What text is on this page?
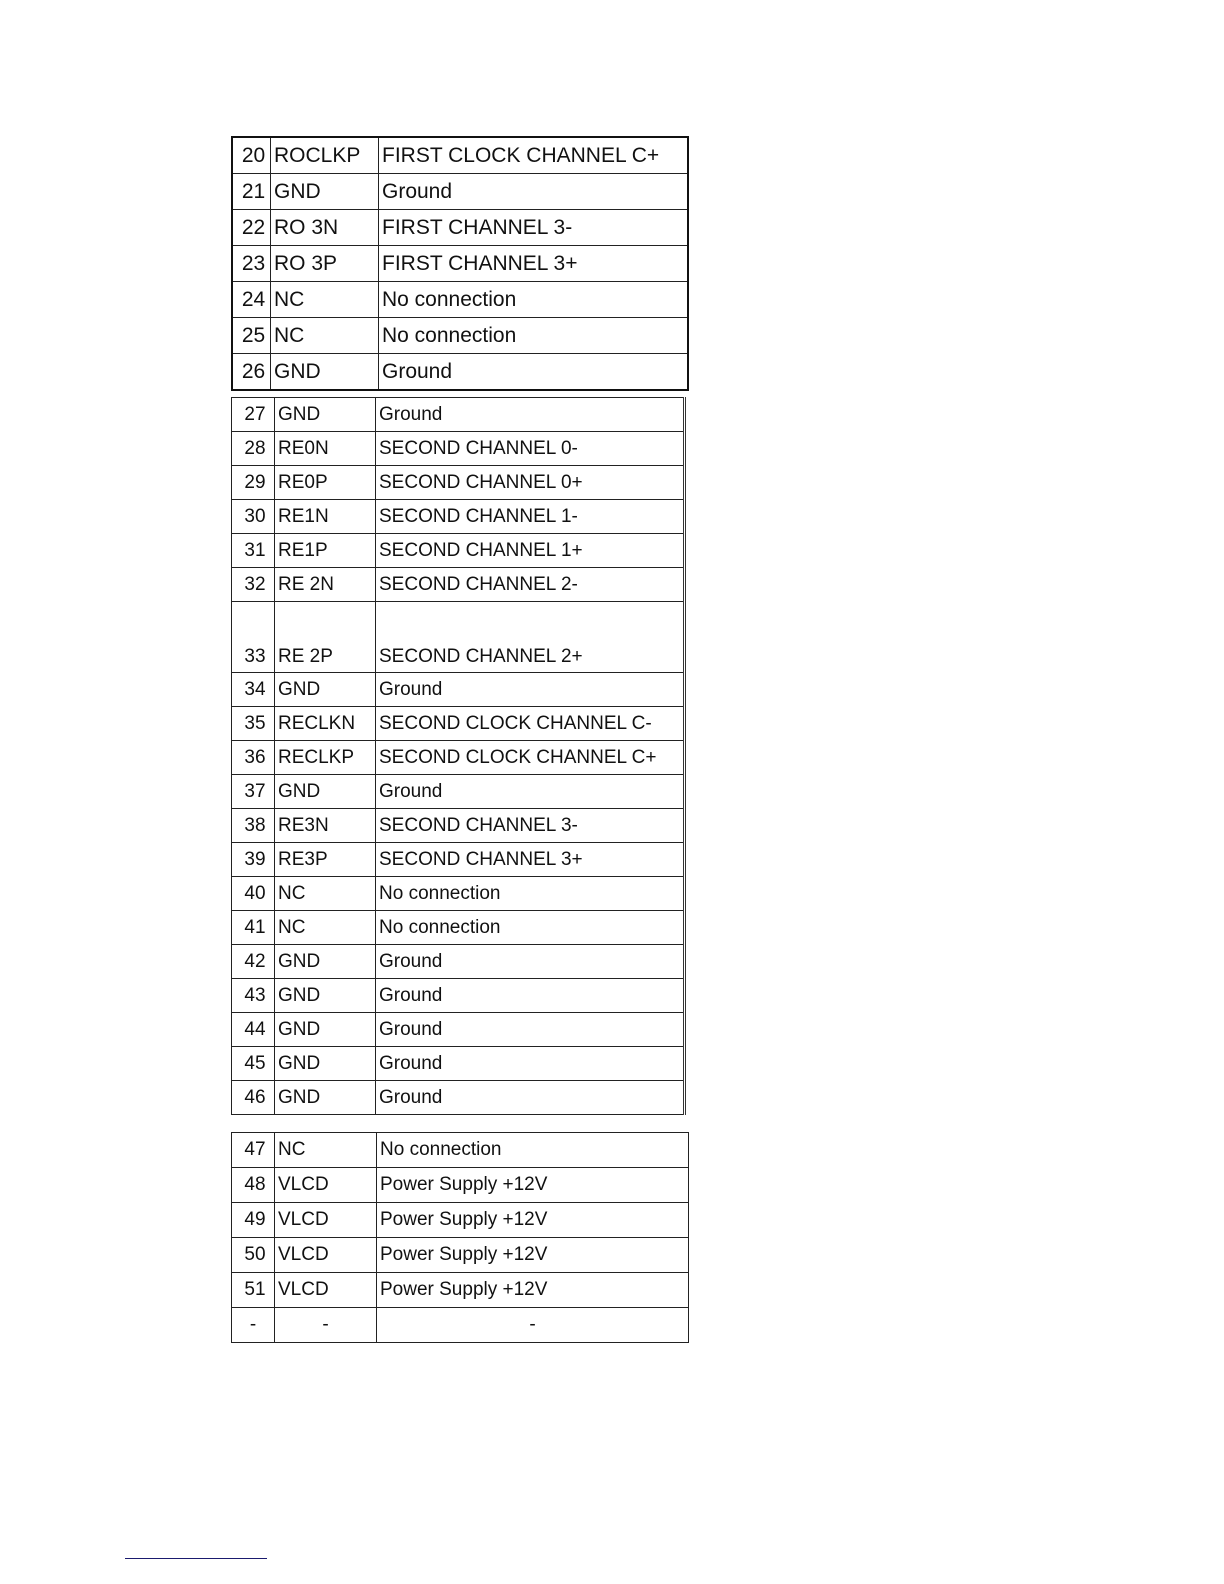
20	ROCLKP	FIRST CLOCK CHANNEL C+
21	GND	Ground
22	RO 3N	FIRST CHANNEL 3-
23	RO 3P	FIRST CHANNEL 3+
24	NC	No connection
25	NC	No connection
26	GND	Ground
27	GND	Ground
28	RE0N	SECOND CHANNEL 0-
29	RE0P	SECOND CHANNEL 0+
30	RE1N	SECOND CHANNEL 1-
31	RE1P	SECOND CHANNEL 1+
32	RE 2N	SECOND CHANNEL 2-
33	RE 2P	SECOND CHANNEL 2+
34	GND	Ground
35	RECLKN	SECOND CLOCK CHANNEL C-
36	RECLKP	SECOND CLOCK CHANNEL C+
37	GND	Ground
38	RE3N	SECOND CHANNEL 3-
39	RE3P	SECOND CHANNEL 3+
40	NC	No connection
41	NC	No connection
42	GND	Ground
43	GND	Ground
44	GND	Ground
45	GND	Ground
46	GND	Ground
47	NC	No connection
48	VLCD	Power Supply +12V
49	VLCD	Power Supply +12V
50	VLCD	Power Supply +12V
51	VLCD	Power Supply +12V
-	-	-
